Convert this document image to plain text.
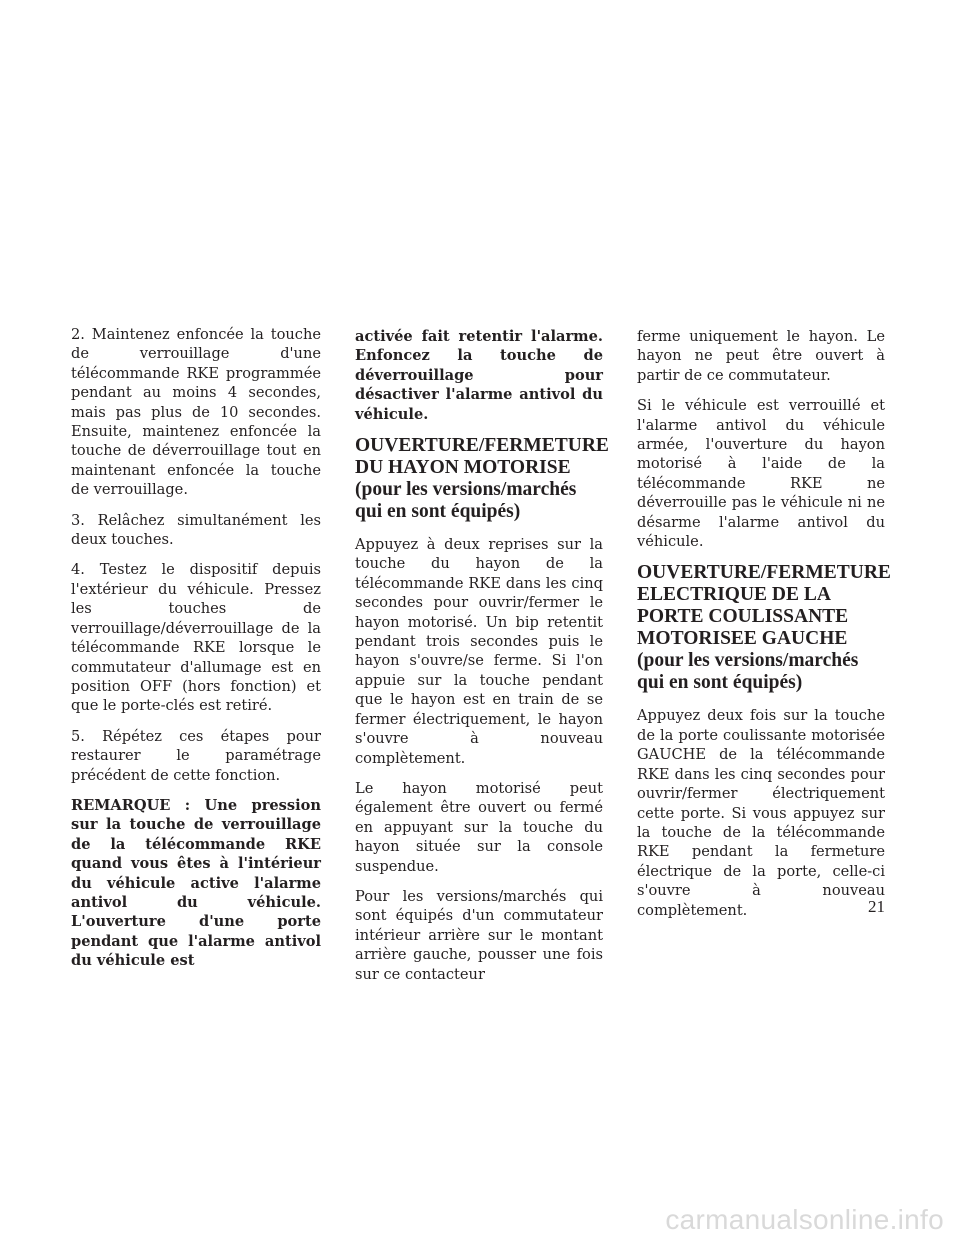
2. Maintenez enfoncée la touche de verrouillage d'une télécommande RKE programmée pendant au moins 4 secondes, mais pas plus de 10 secondes. Ensuite, maintenez enfoncée la touche de déverrouillage tout en maintenant enfoncée la touche de verrouillage.

3. Relâchez simultanément les deux touches.

4. Testez le dispositif depuis l'extérieur du véhicule. Pressez les touches de verrouillage/déverrouillage de la télécommande RKE lorsque le commutateur d'allumage est en position OFF (hors fonction) et que le porte-clés est retiré.

5. Répétez ces étapes pour restaurer le paramétrage précédent de cette fonction.

REMARQUE : Une pression sur la touche de verrouillage de la télécommande RKE quand vous êtes à l'intérieur du véhicule active l'alarme antivol du véhicule. L'ouverture d'une porte pendant que l'alarme antivol du véhicule est

activée fait retentir l'alarme. Enfoncez la touche de déverrouillage pour désactiver l'alarme antivol du véhicule.

OUVERTURE/FERMETURE
DU HAYON MOTORISE
(pour les versions/marchés
qui en sont équipés)

Appuyez à deux reprises sur la touche du hayon de la télécommande RKE dans les cinq secondes pour ouvrir/fermer le hayon motorisé. Un bip retentit pendant trois secondes puis le hayon s'ouvre/se ferme. Si l'on appuie sur la touche pendant que le hayon est en train de se fermer électriquement, le hayon s'ouvre à nouveau complètement.

Le hayon motorisé peut également être ouvert ou fermé en appuyant sur la touche du hayon située sur la console suspendue.

Pour les versions/marchés qui sont équipés d'un commutateur intérieur arrière sur le montant arrière gauche, pousser une fois sur ce contacteur

ferme uniquement le hayon. Le hayon ne peut être ouvert à partir de ce commutateur.

Si le véhicule est verrouillé et l'alarme antivol du véhicule armée, l'ouverture du hayon motorisé à l'aide de la télécommande RKE ne déverrouille pas le véhicule ni ne désarme l'alarme antivol du véhicule.

OUVERTURE/FERMETURE
ELECTRIQUE DE LA
PORTE COULISSANTE
MOTORISEE GAUCHE
(pour les versions/marchés
qui en sont équipés)

Appuyez deux fois sur la touche de la porte coulissante motorisée GAUCHE de la télécommande RKE dans les cinq secondes pour ouvrir/fermer électriquement cette porte. Si vous appuyez sur la touche de la télécommande RKE pendant la fermeture électrique de la porte, celle-ci s'ouvre à nouveau complètement.	21
carmanualsonline.info
